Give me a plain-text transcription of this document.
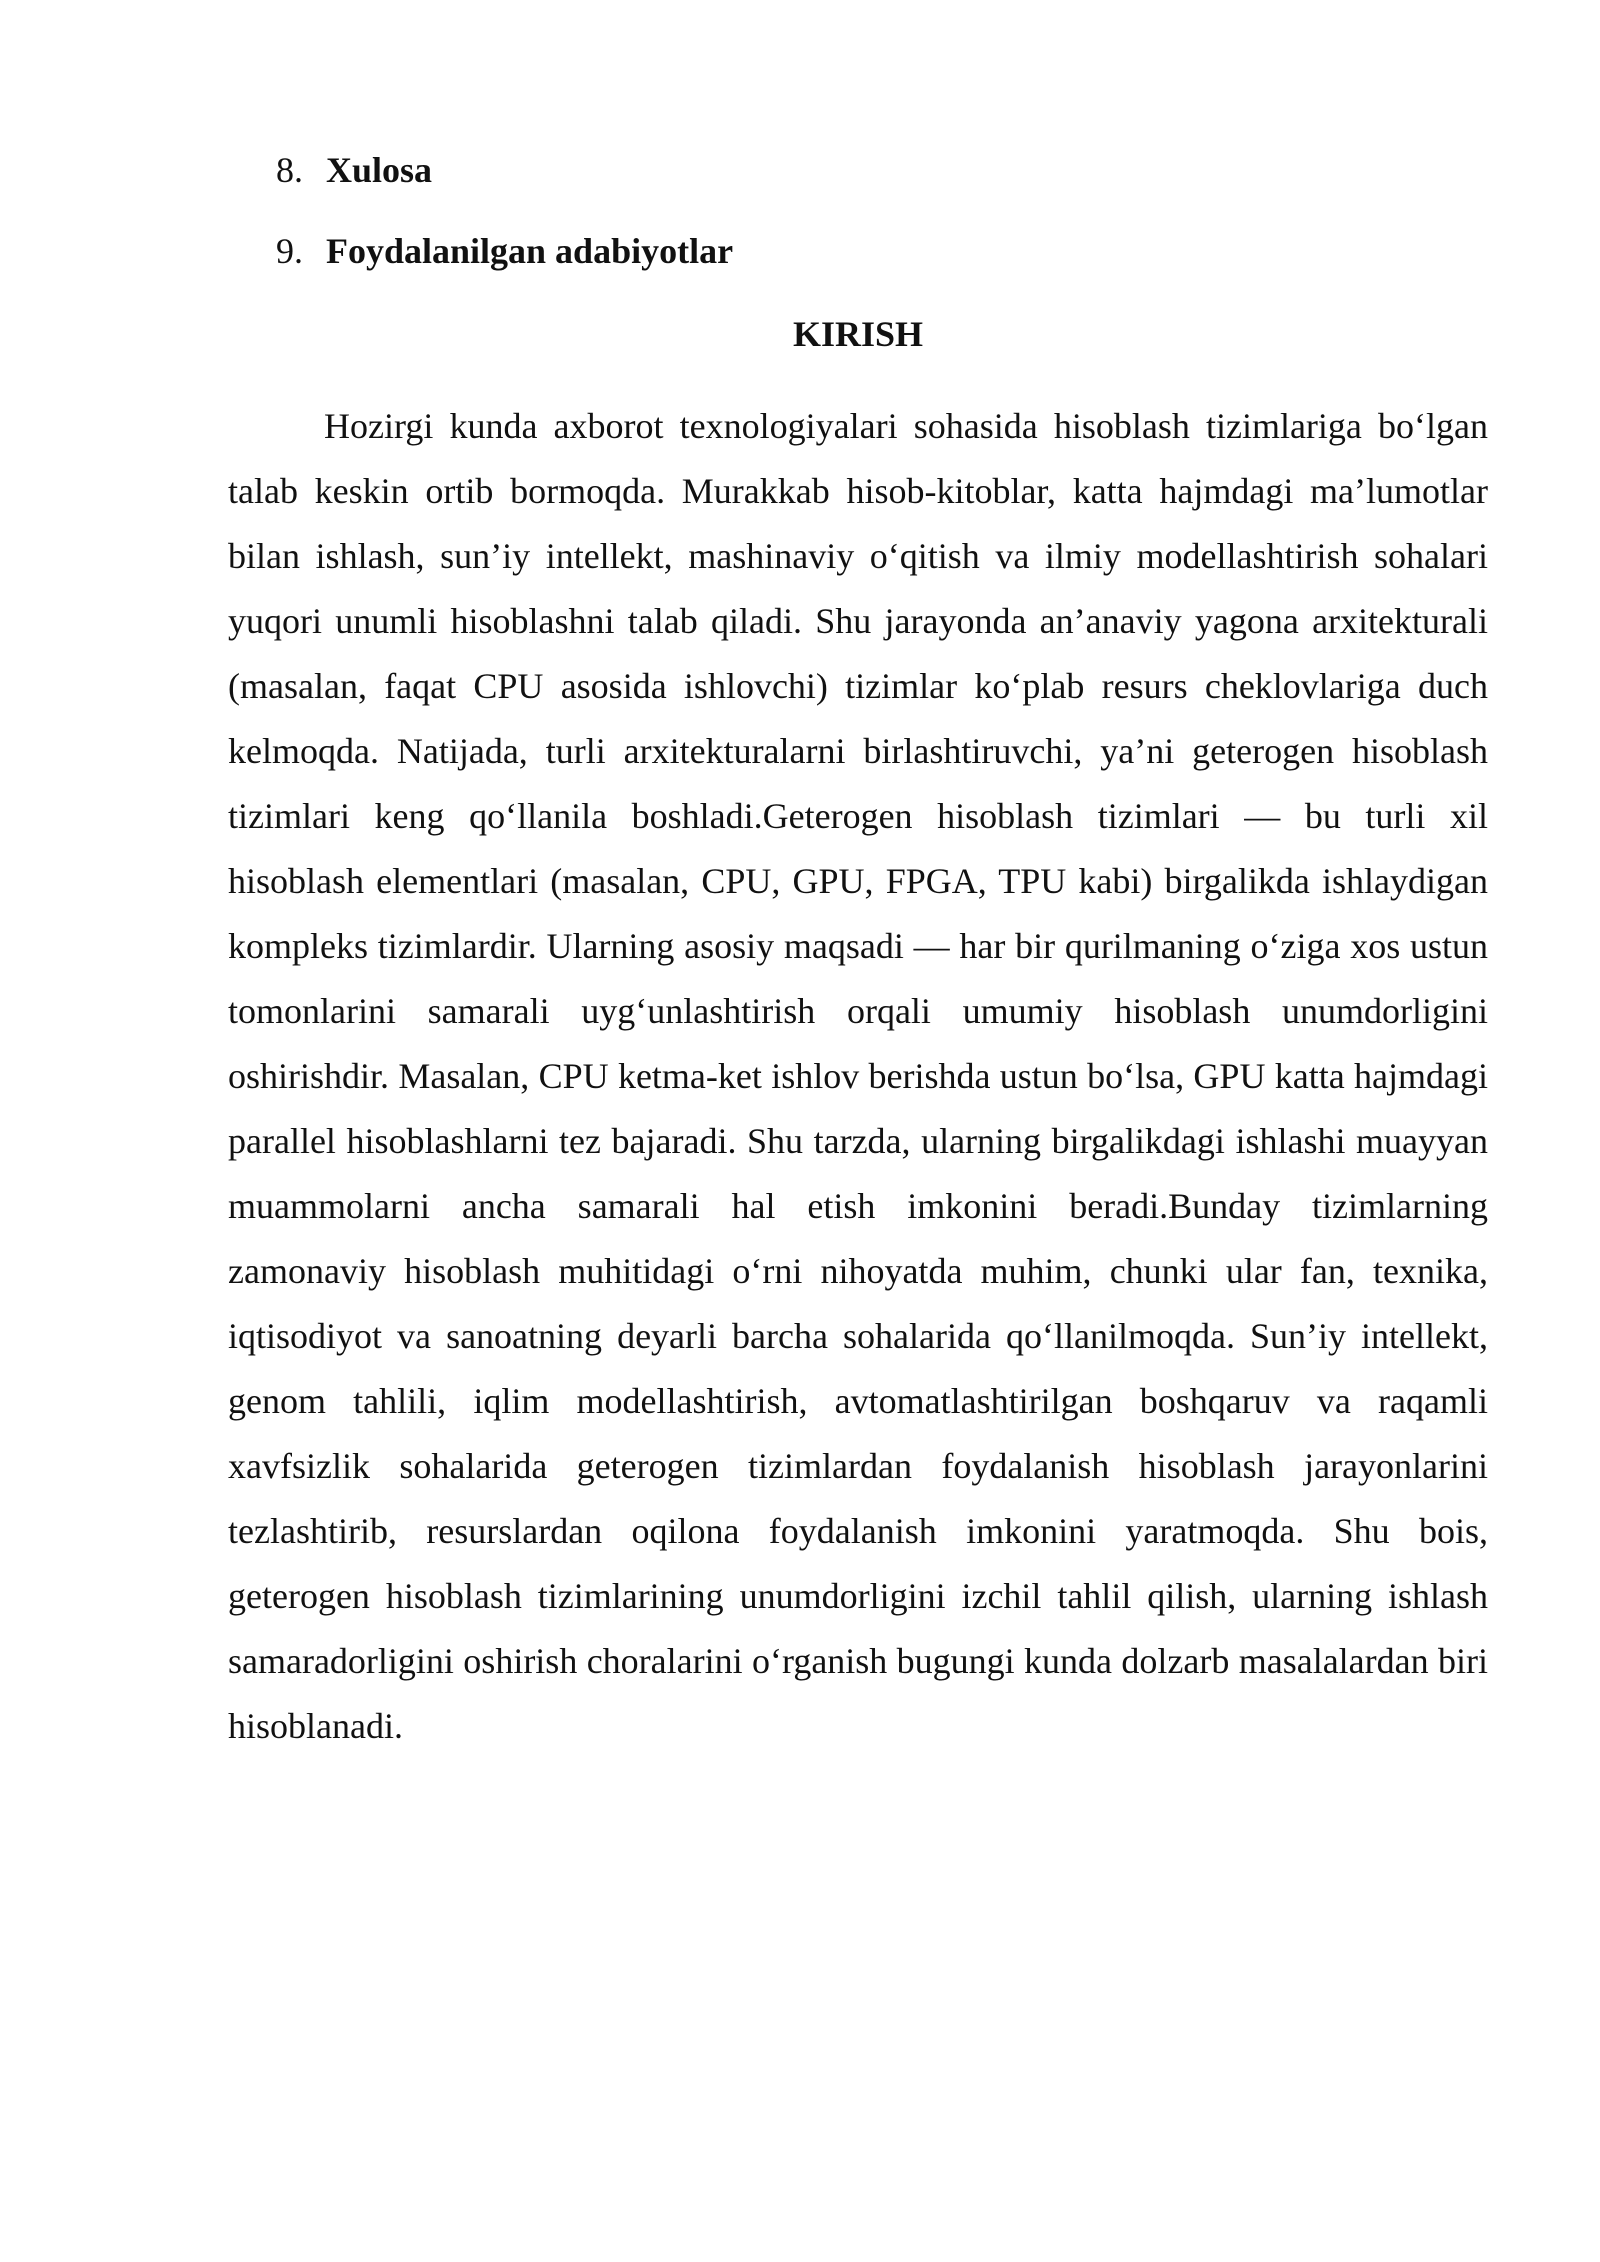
8. Xulosa
9. Foydalanilgan adabiyotlar
KIRISH

Hozirgi kunda axborot texnologiyalari sohasida hisoblash tizimlariga bo‘lgan talab keskin ortib bormoqda. Murakkab hisob-kitoblar, katta hajmdagi ma’lumotlar bilan ishlash, sun’iy intellekt, mashinaviy o‘qitish va ilmiy modellashtirish sohalari yuqori unumli hisoblashni talab qiladi. Shu jarayonda an’anaviy yagona arxitekturali (masalan, faqat CPU asosida ishlovchi) tizimlar ko‘plab resurs cheklovlariga duch kelmoqda. Natijada, turli arxitekturalarni birlashtiruvchi, ya’ni geterogen hisoblash tizimlari keng qo‘llanila boshladi.Geterogen hisoblash tizimlari — bu turli xil hisoblash elementlari (masalan, CPU, GPU, FPGA, TPU kabi) birgalikda ishlaydigan kompleks tizimlardir. Ularning asosiy maqsadi — har bir qurilmaning o‘ziga xos ustun tomonlarini samarali uyg‘unlashtirish orqali umumiy hisoblash unumdorligini oshirishdir. Masalan, CPU ketma-ket ishlov berishda ustun bo‘lsa, GPU katta hajmdagi parallel hisoblashlarni tez bajaradi. Shu tarzda, ularning birgalikdagi ishlashi muayyan muammolarni ancha samarali hal etish imkonini beradi.Bunday tizimlarning zamonaviy hisoblash muhitidagi o‘rni nihoyatda muhim, chunki ular fan, texnika, iqtisodiyot va sanoatning deyarli barcha sohalarida qo‘llanilmoqda. Sun’iy intellekt, genom tahlili, iqlim modellashtirish, avtomatlashtirilgan boshqaruv va raqamli xavfsizlik sohalarida geterogen tizimlardan foydalanish hisoblash jarayonlarini tezlashtirib, resurslardan oqilona foydalanish imkonini yaratmoqda. Shu bois, geterogen hisoblash tizimlarining unumdorligini izchil tahlil qilish, ularning ishlash samaradorligini oshirish choralarini o‘rganish bugungi kunda dolzarb masalalardan biri hisoblanadi.
